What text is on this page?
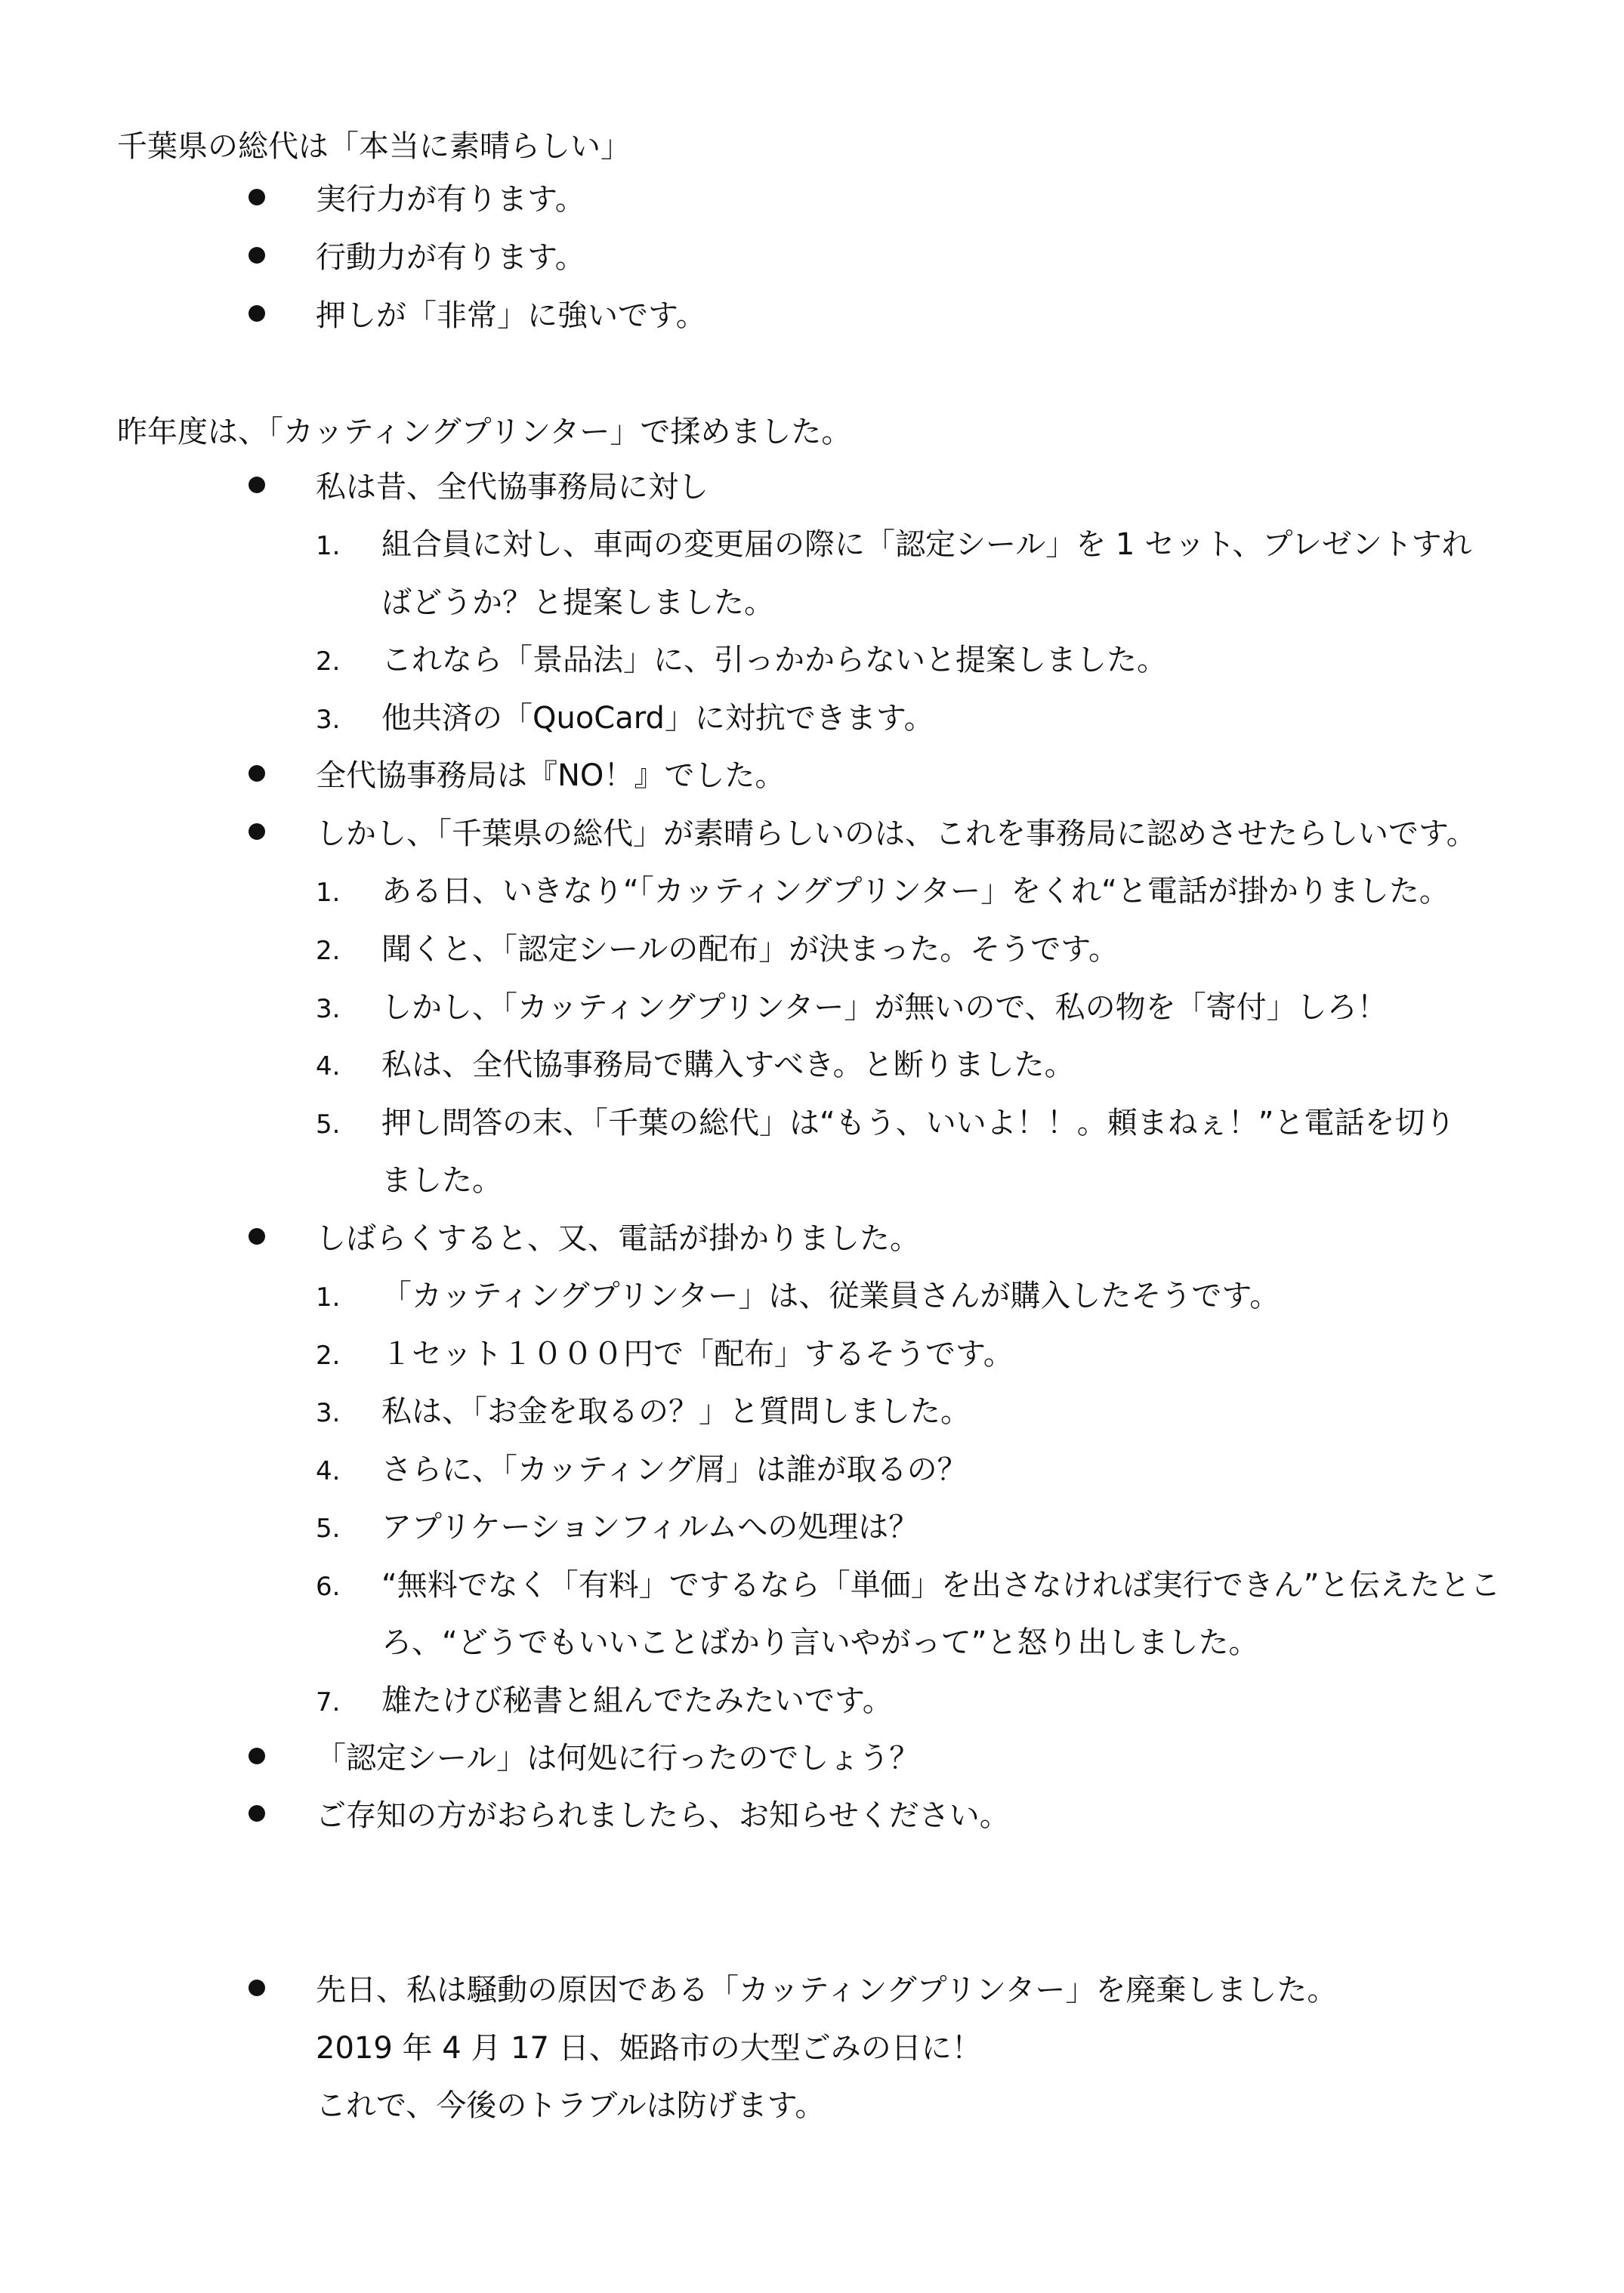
千葉県の総代は「本当に素晴らしい」
実行力が有ります。
行動力が有ります。
押しが「非常」に強いです。
昨年度は、「カッティングプリンター」で揉めました。
私は昔、全代協事務局に対し
1. 組合員に対し、車両の変更届の際に「認定シール」を 1 セット、プレゼントすれ
ばどうか？と提案しました。
2. これなら「景品法」に、引っかからないと提案しました。
3. 他共済の「QuoCard」に対抗できます。
全代協事務局は『NO！』でした。
しかし、「千葉県の総代」が素晴らしいのは、これを事務局に認めさせたらしいです。
1. ある日、いきなり“「カッティングプリンター」をくれ“と電話が掛かりました。
2. 聞くと、「認定シールの配布」が決まった。そうです。
3. しかし、「カッティングプリンター」が無いので、私の物を「寄付」しろ！
4. 私は、全代協事務局で購入すべき。と断りました。
5. 押し問答の末、「千葉の総代」は“もう、いいよ！！。頼まねぇ！”と電話を切り
ました。
しばらくすると、又、電話が掛かりました。
1. 「カッティングプリンター」は、従業員さんが購入したそうです。
2. １セット１０００円で「配布」するそうです。
3. 私は、「お金を取るの？」と質問しました。
4. さらに、「カッティング屑」は誰が取るの？
5. アプリケーションフィルムへの処理は？
6. “無料でなく「有料」でするなら「単価」を出さなければ実行できん”と伝えたとこ
ろ、“どうでもいいことばかり言いやがって”と怒り出しました。
7. 雄たけび秘書と組んでたみたいです。
「認定シール」は何処に行ったのでしょう？
ご存知の方がおられましたら、お知らせください。
先日、私は騒動の原因である「カッティングプリンター」を廃棄しました。
2019 年 4 月 17 日、姫路市の大型ごみの日に！
これで、今後のトラブルは防げます。
